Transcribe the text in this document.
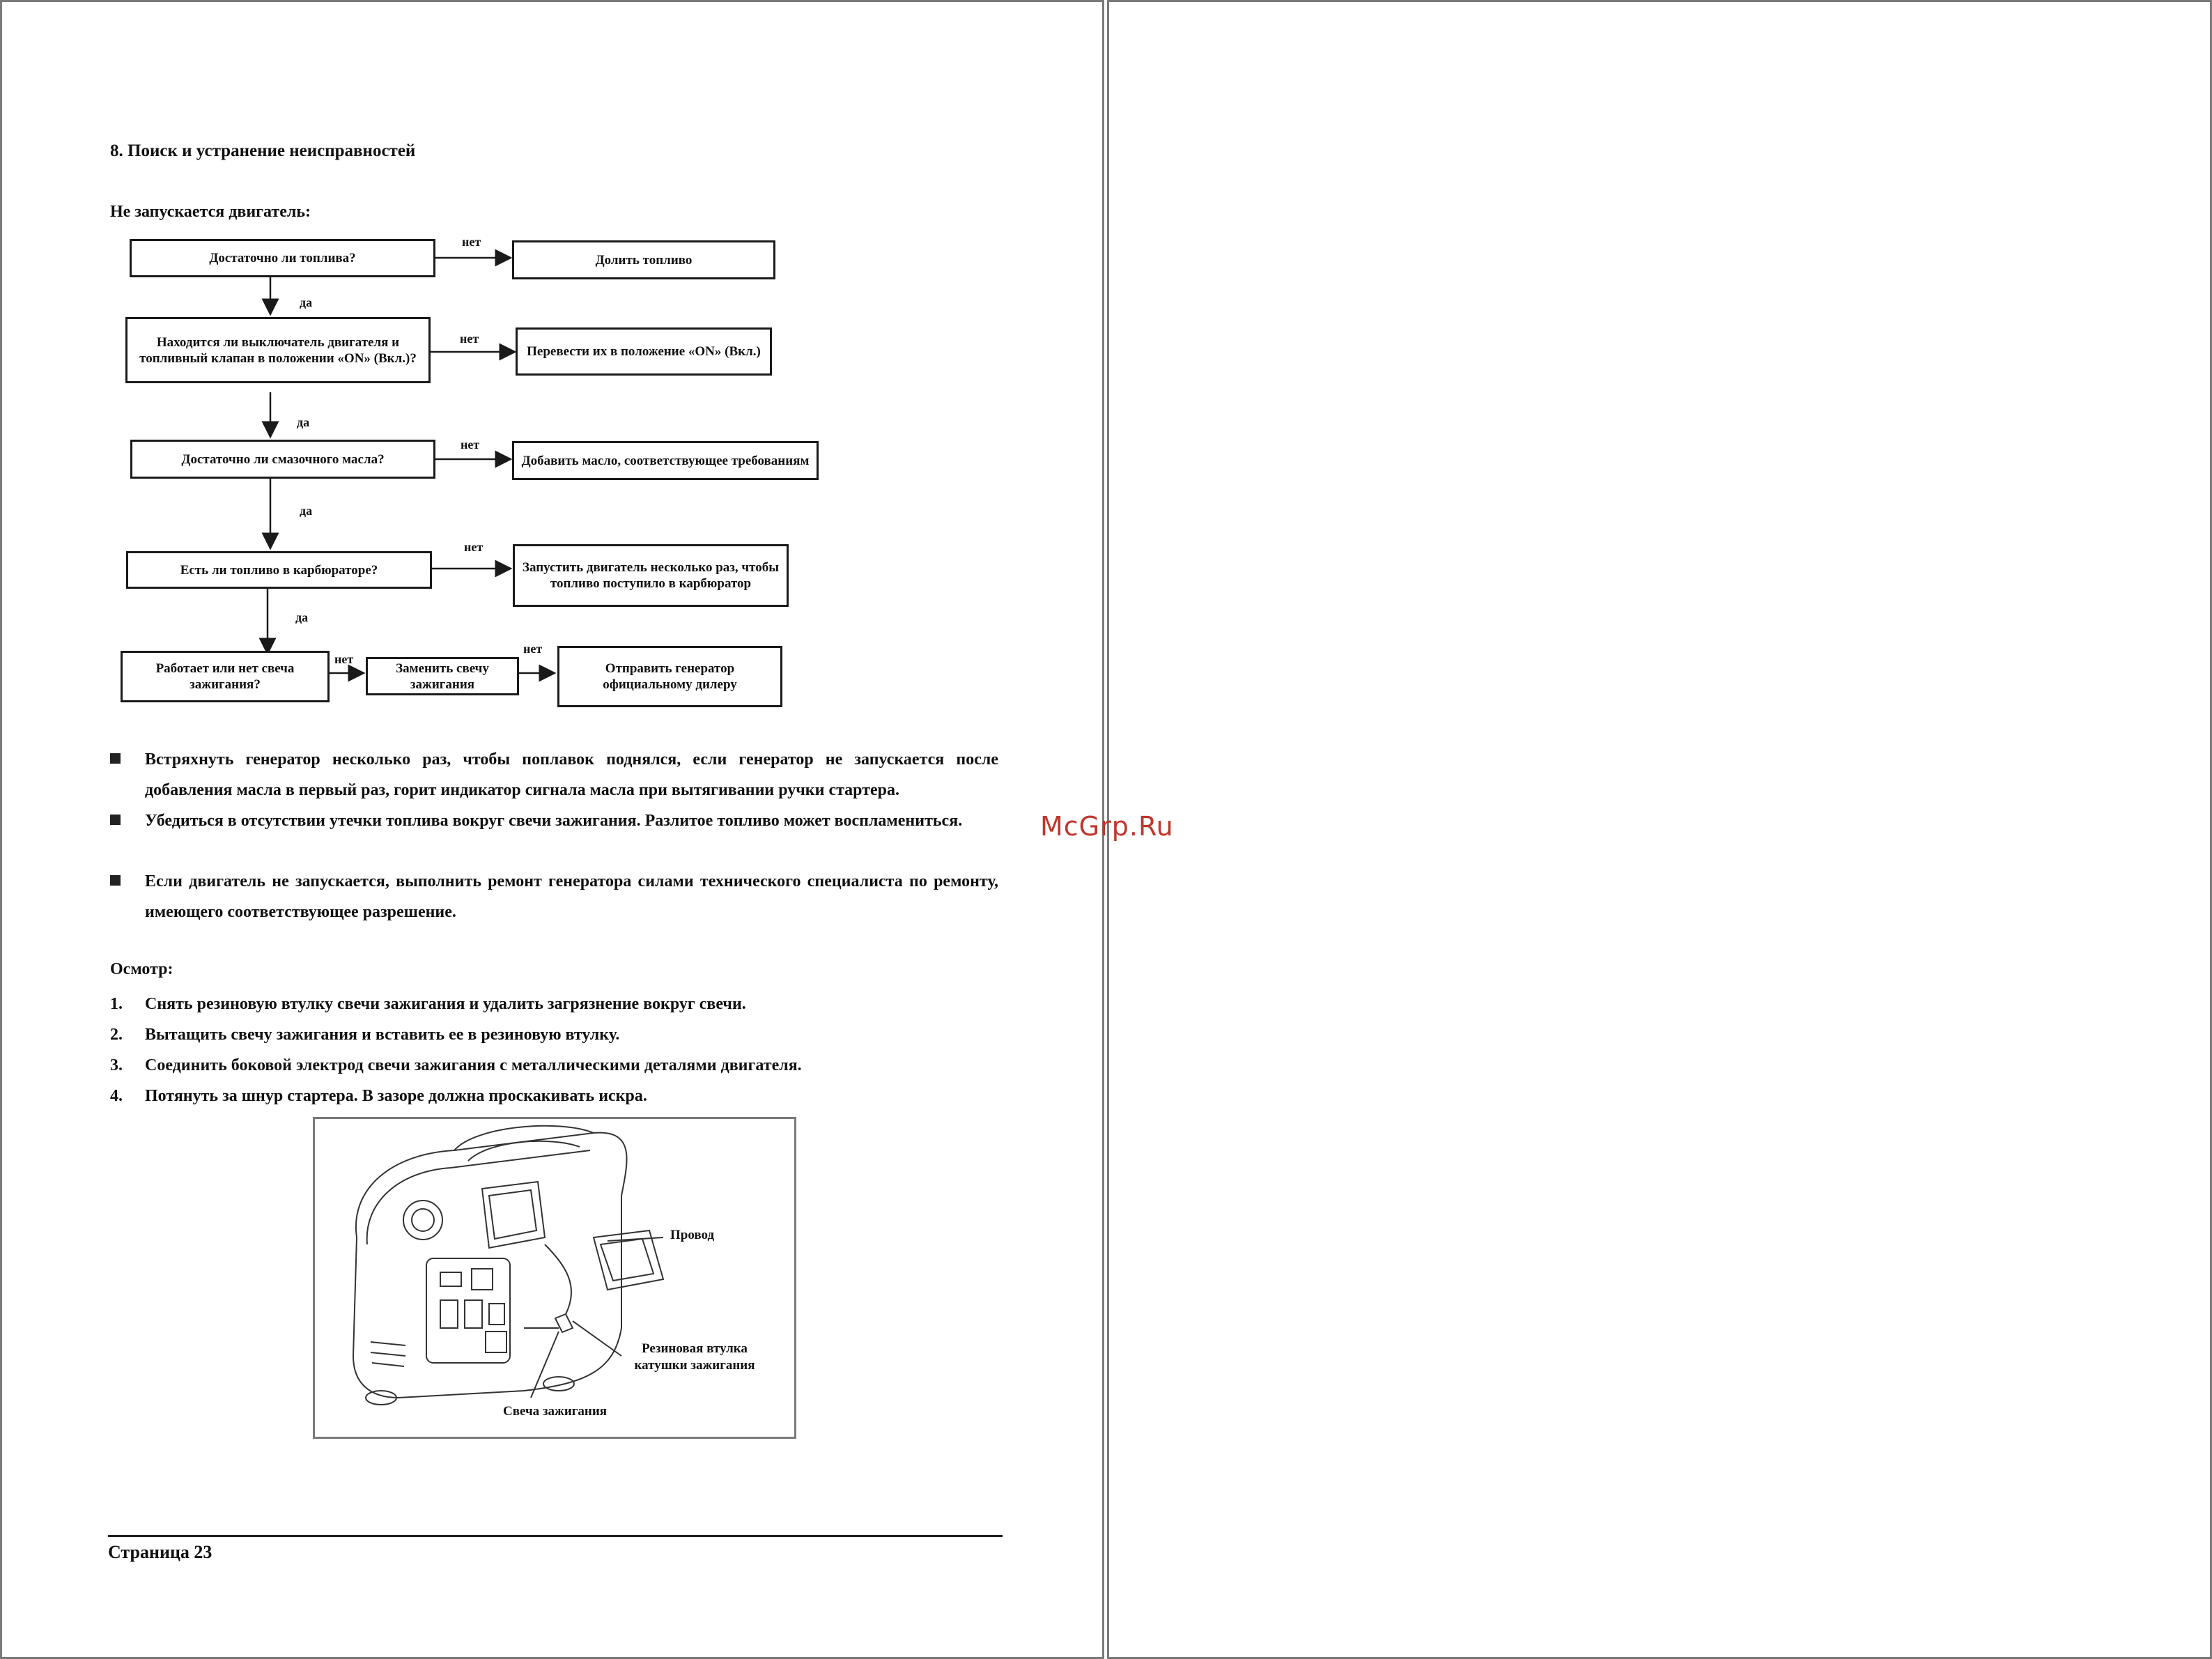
8. Поиск и устранение неисправностей
Не запускается двигатель:
Достаточно ли топлива?	Долить топливо
нет
да
Находится ли выключатель двигателя и топливный клапан в положении «ON» (Вкл.)?	Перевести их в положение «ON» (Вкл.)
нет
да
Достаточно ли смазочного масла?	Добавить масло, соответствующее требованиям
нет
да
Есть ли топливо в карбюраторе?	Запустить двигатель несколько раз, чтобы топливо поступило в карбюратор
нет
да
Работает или нет свеча зажигания?
Заменить свечу зажигания
Отправить генератор официальному дилеру
нет
нет
Встряхнуть генератор несколько раз, чтобы поплавок поднялся, если генератор не запускается после добавления масла в первый раз, горит индикатор сигнала масла при вытягивании ручки стартера.
Убедиться в отсутствии утечки топлива вокруг свечи зажигания. Разлитое топливо может воспламениться.
Если двигатель не запускается, выполнить ремонт генератора силами технического специалиста по ремонту, имеющего соответствующее разрешение.
Осмотр:
1. Снять резиновую втулку свечи зажигания и удалить загрязнение вокруг свечи.
2. Вытащить свечу зажигания и вставить ее в резиновую втулку.
3. Соединить боковой электрод свечи зажигания с металлическими деталями двигателя.
4. Потянуть за шнур стартера. В зазоре должна проскакивать искра.
Провод
Резиновая втулка катушки зажигания
Свеча зажигания
Страница 23
McGrp.Ru
